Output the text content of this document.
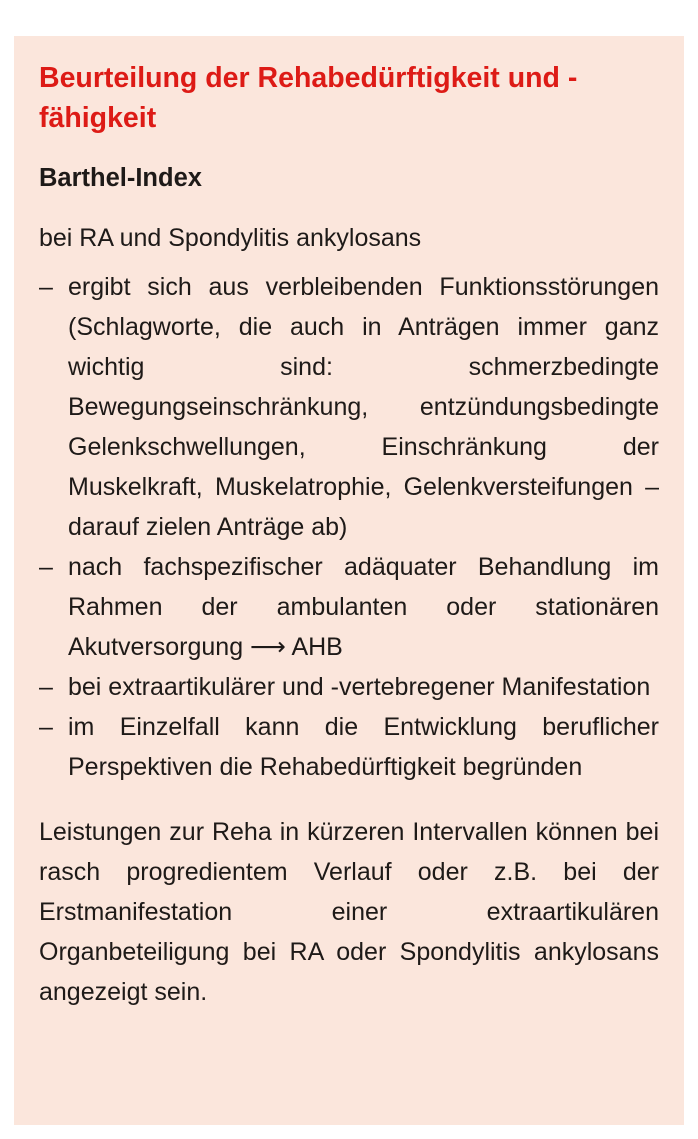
Beurteilung der Rehabedürftigkeit und -fähigkeit
Barthel-Index

bei RA und Spondylitis ankylosans

– ergibt sich aus verbleibenden Funktionsstörungen (Schlagworte, die auch in Anträgen immer ganz wichtig sind: schmerzbedingte Bewegungseinschränkung, entzündungsbedingte Gelenkschwellungen, Einschränkung der Muskelkraft, Muskelatrophie, Gelenkversteifungen – darauf zielen Anträge ab)
– nach fachspezifischer adäquater Behandlung im Rahmen der ambulanten oder stationären Akutversorgung ⟶ AHB
– bei extraartikulärer und -vertebregener Manifestation
– im Einzelfall kann die Entwicklung beruflicher Perspektiven die Rehabedürftigkeit begründen

Leistungen zur Reha in kürzeren Intervallen können bei rasch progredientem Verlauf oder z.B. bei der Erstmanifestation einer extraartikulären Organbeteiligung bei RA oder Spondylitis ankylosans angezeigt sein.
